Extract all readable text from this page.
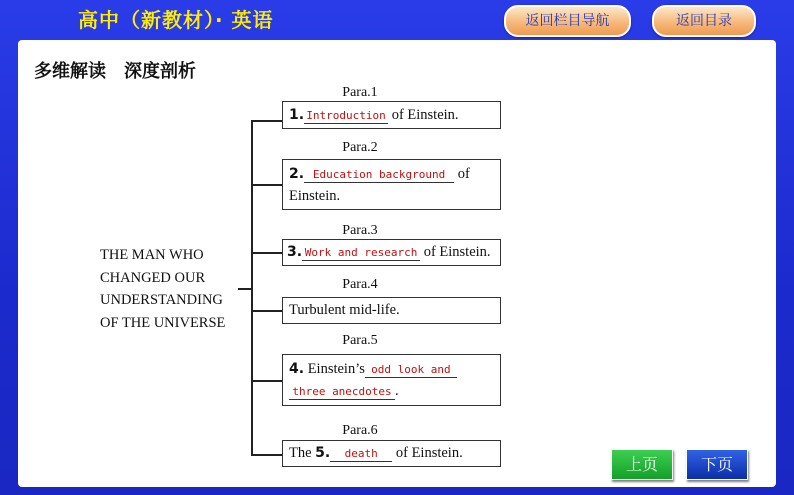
高中（新教材）· 英语	返回栏目导航	返回目录
多维解读　深度剖析
THE MAN WHO
CHANGED OUR
UNDERSTANDING
OF THE UNIVERSE
Para.1
1. Introduction of Einstein.
Para.2
2. Education background of
Einstein.
Para.3
3. Work and research of Einstein.
Para.4
Turbulent mid-life.
Para.5
4. Einstein’s odd look and
three anecdotes .
Para.6
The 5. death of Einstein.
上页	下页
